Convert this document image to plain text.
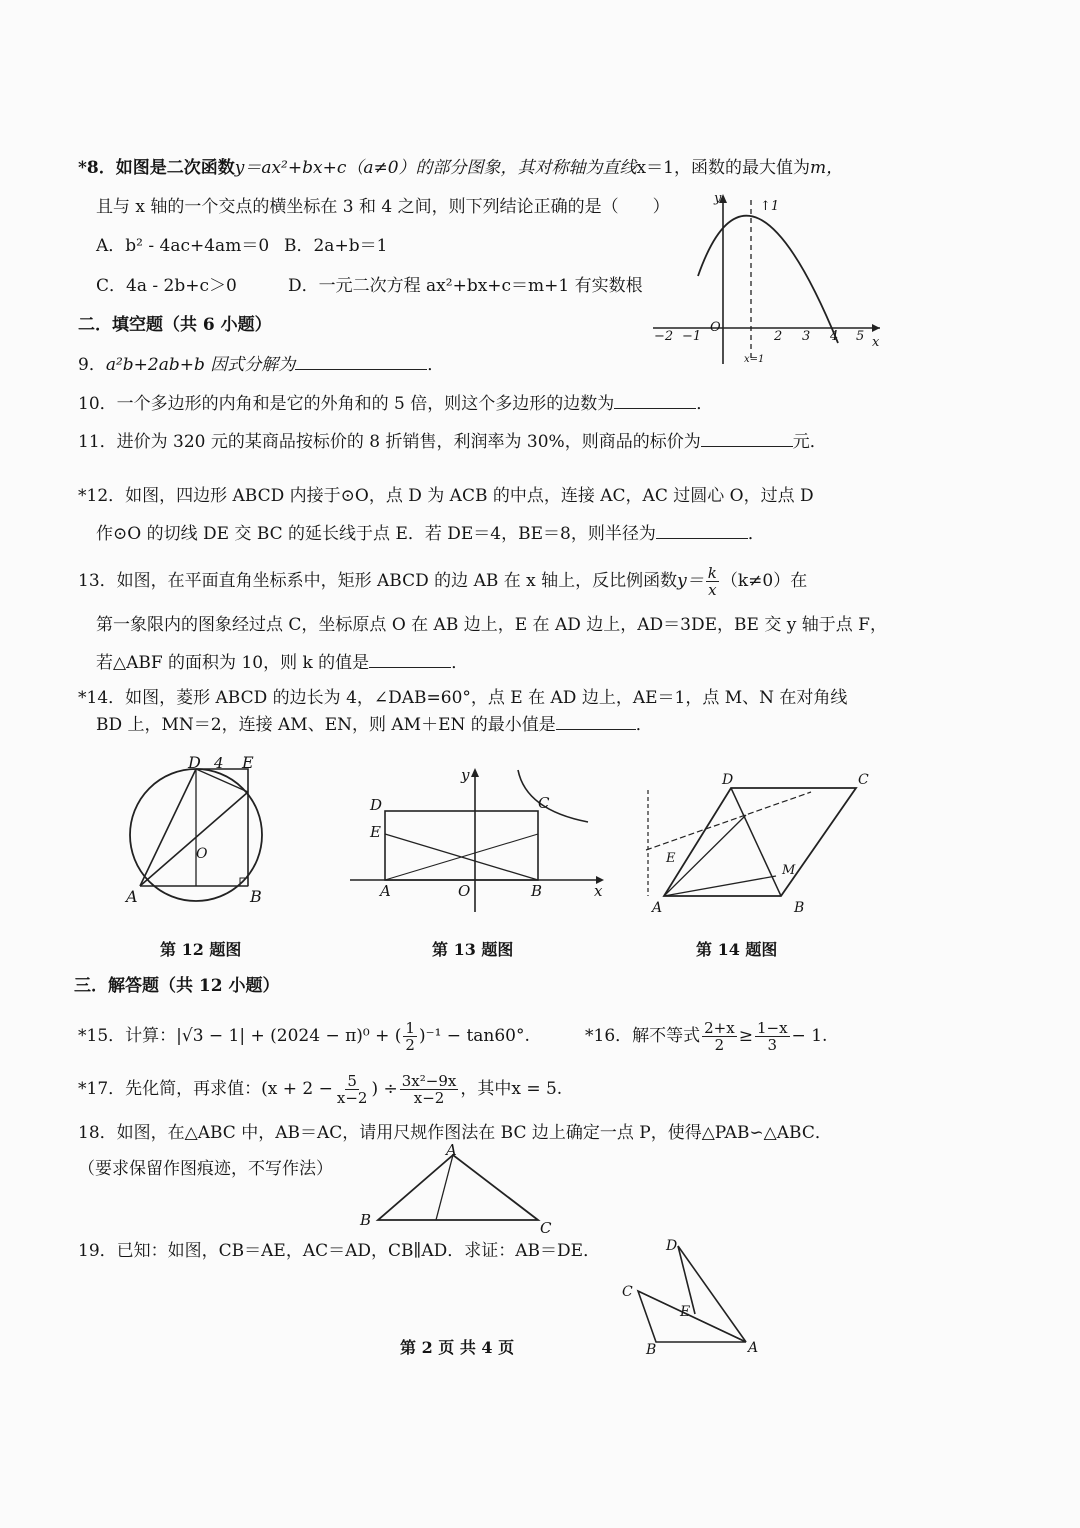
*8．如图是二次函数y＝ax²+bx+c（a≠0）的部分图象，其对称轴为直线x＝1，函数的最大值为m，
且与 x 轴的一个交点的横坐标在 3 和 4 之间，则下列结论正确的是（　　）
A．b² - 4ac+4am＝0 B．2a+b＝1
C．4a - 2b+c＞0	D．一元二次方程 ax²+bx+c＝m+1 有实数根
y
x
O
x=1
↑1
−2 −1	2 3 4 5
二．填空题（共 6 小题）
9．a²b+2ab+b 因式分解为	．
10．一个多边形的内角和是它的外角和的 5 倍，则这个多边形的边数为	．
11．进价为 320 元的某商品按标价的 8 折销售，利润率为 30%，则商品的标价为	元．
*12．如图，四边形 ABCD 内接于⊙O，点 D 为 ACB 的中点，连接 AC，AC 过圆心 O，过点 D
作⊙O 的切线 DE 交 BC 的延长线于点 E．若 DE＝4，BE＝8，则半径为	．
13．如图，在平面直角坐标系中，矩形 ABCD 的边 AB 在 x 轴上，反比例函数$y= \frac{k}{x} (k\ne 0)$在
第一象限内的图象经过点 C，坐标原点 O 在 AB 边上，E 在 AD 边上，AD＝3DE，BE 交 y 轴于点 F，
若△ABF 的面积为 10，则 k 的值是	．
*14．如图，菱形 ABCD 的边长为 4，∠DAB=60°，点 E 在 AD 边上，AE＝1，点 M、N 在对角线
BD 上，MN＝2，连接 AM、EN，则 AM＋EN 的最小值是	．
D 4 E
A	B
O
第 12 题图
D
E
C
A	O	B	x
y
第 13 题图
D	C
A	B
E
M
第 14 题图
三．解答题（共 12 小题）
*15．计算：|√3 − 1| + (2024 − π)⁰ + ( $\frac{1}{2} )^{-1} - \tan 60^\circ$.	*16．解不等式 $\frac{2+x}{2} \ge \frac{1-x}{3} - 1$.
*17．先化简，再求值：($x + 2 - \frac{5}{x-2}$ ) ÷ $\frac{\text{3x²−9x}}{x-2}$ ，其中x = 5.
18．如图，在△ABC 中，AB＝AC，请用尺规作图法在 BC 边上确定一点 P，使得△PAB∽△ABC．
（要求保留作图痕迹，不写作法）
A
B	C
19．已知：如图，CB＝AE，AC＝AD，CB∥AD．求证：AB＝DE．	D
C
E
B	A
第 2 页 共 4 页
